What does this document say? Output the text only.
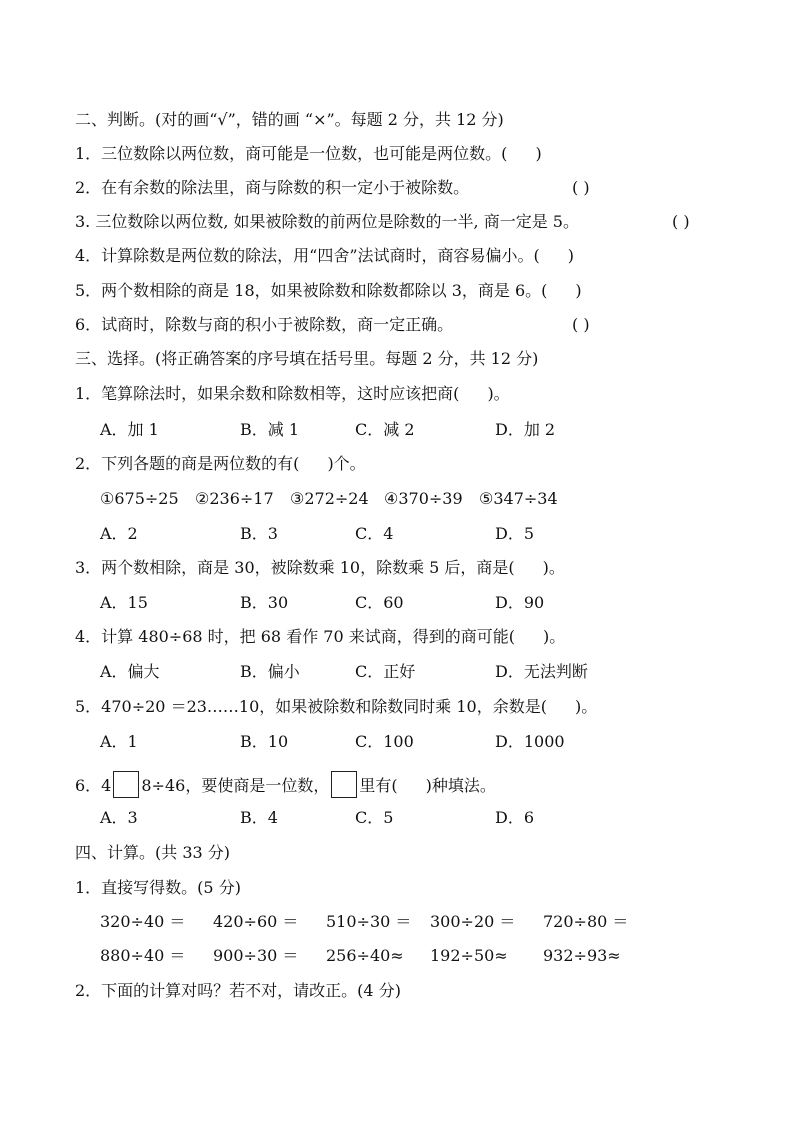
二、判断。(对的画“√”，错的画 “×”。每题 2 分，共 12 分)
1．三位数除以两位数，商可能是一位数，也可能是两位数。( )
2．在有余数的除法里，商与除数的积一定小于被除数。	( )
3. 三位数除以两位数, 如果被除数的前两位是除数的一半, 商一定是 5。	( )
4．计算除数是两位数的除法，用“四舍”法试商时，商容易偏小。( )
5．两个数相除的商是 18，如果被除数和除数都除以 3，商是 6。( )
6．试商时，除数与商的积小于被除数，商一定正确。	( )
三、选择。(将正确答案的序号填在括号里。每题 2 分，共 12 分)
1．笔算除法时，如果余数和除数相等，这时应该把商( )。
A．加 1	B．减 1	C．减 2	D．加 2
2．下列各题的商是两位数的有( )个。
①675÷25 ②236÷17 ③272÷24 ④370÷39 ⑤347÷34
A．2	B．3	C．4	D．5
3．两个数相除，商是 30，被除数乘 10，除数乘 5 后，商是( )。
A．15	B．30	C．60	D．90
4．计算 480÷68 时，把 68 看作 70 来试商，得到的商可能( )。
A．偏大	B．偏小	C．正好	D．无法判断
5．470÷20 ＝23……10，如果被除数和除数同时乘 10，余数是( )。
A．1	B．10	C．100	D．1000
6．4 8÷46，要使商是一位数， 里有( )种填法。
A．3	B．4	C．5	D．6
四、计算。(共 33 分)
1．直接写得数。(5 分)
320÷40 ＝ 420÷60 ＝ 510÷30 ＝ 300÷20 ＝ 720÷80 ＝
880÷40 ＝ 900÷30 ＝ 256÷40≈ 192÷50≈ 932÷93≈
2．下面的计算对吗？若不对，请改正。(4 分)
